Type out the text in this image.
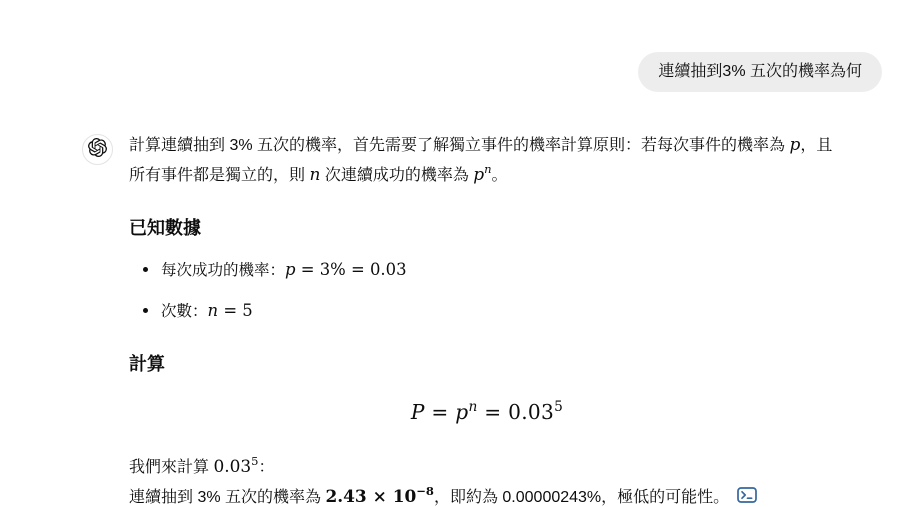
連續抽到3% 五次的機率為何

計算連續抽到 3% 五次的機率，首先需要了解獨立事件的機率計算原則：若每次事件的機率為 p，且所有事件都是獨立的，則 n 次連續成功的機率為 $p^n$。

已知數據
每次成功的機率：p = 3% = 0.03
次數：n = 5
計算
$P = p^n = 0.03^5$

我們來計算 0.03$^5$：

連續抽到 3% 五次的機率為 $2.43 \times 10^{-8}$，即約為 0.00000243%，極低的可能性。
